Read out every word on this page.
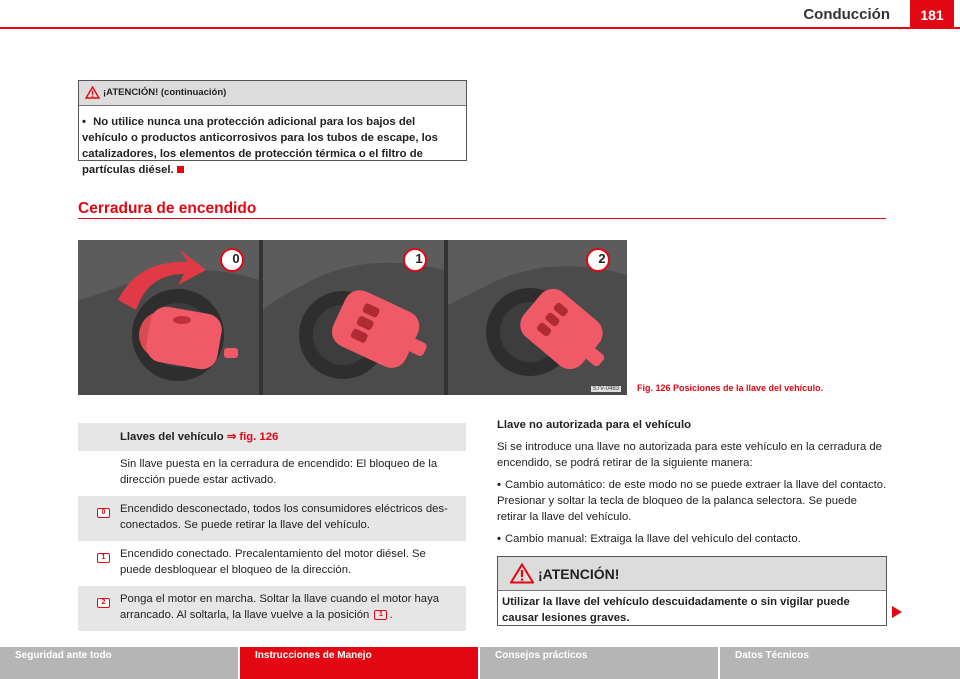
Conducción	181
¡ATENCIÓN! (continuación)
• No utilice nunca una protección adicional para los bajos del vehículo o productos anticorrosivos para los tubos de escape, los catalizadores, los elementos de protección térmica o el filtro de partículas diésel.
Cerradura de encendido
0	1	2
S7V-0483 Fig. 126 Posiciones de la llave del vehículo.
Llaves del vehículo ⇒ fig. 126
Sin llave puesta en la cerradura de encendido: El bloqueo de la dirección puede estar activado.
0	Encendido desconectado, todos los consumidores eléctricos des-conectados. Se puede retirar la llave del vehículo.
1	Encendido conectado. Precalentamiento del motor diésel. Se puede desbloquear el bloqueo de la dirección.
2	Ponga el motor en marcha. Soltar la llave cuando el motor haya arrancado. Al soltarla, la llave vuelve a la posición 1 .

Llave no autorizada para el vehículo

Si se introduce una llave no autorizada para este vehículo en la cerradura de encendido, se podrá retirar de la siguiente manera:

• Cambio automático: de este modo no se puede extraer la llave del contacto. Presionar y soltar la tecla de bloqueo de la palanca selectora. Se puede retirar la llave del vehículo.

• Cambio manual: Extraiga la llave del vehículo del contacto.

¡ATENCIÓN!
Utilizar la llave del vehículo descuidadamente o sin vigilar puede causar lesiones graves.
Seguridad ante todo	Instrucciones de Manejo	Consejos prácticos	Datos Técnicos
